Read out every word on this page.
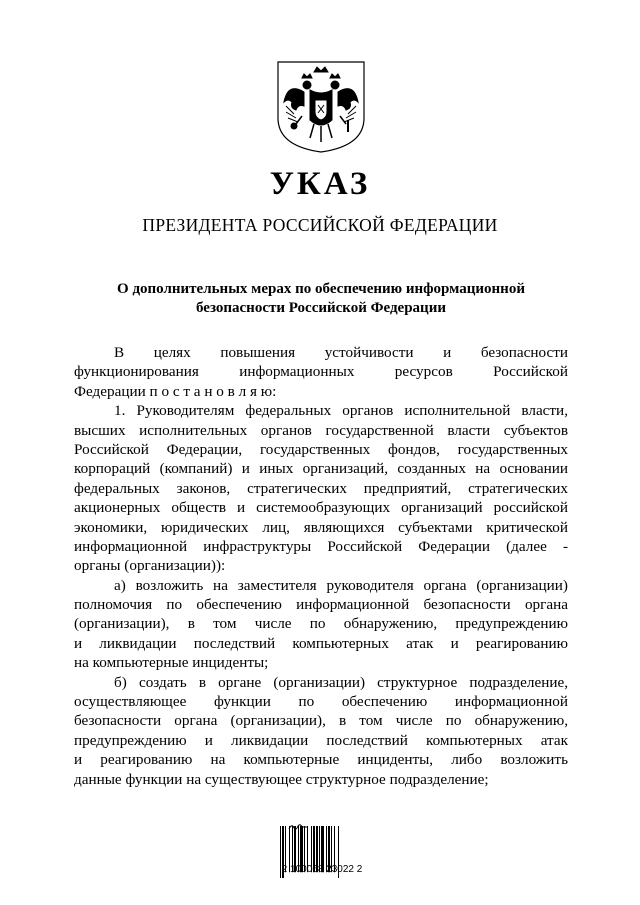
УКАЗ
ПРЕЗИДЕНТА РОССИЙСКОЙ ФЕДЕРАЦИИ
О дополнительных мерах по обеспечению информационной
безопасности Российской Федерации
В целях повышения устойчивости и безопасности
функционирования информационных ресурсов Российской
Федерации п о с т а н о в л я ю:
1. Руководителям федеральных органов исполнительной власти,
высших исполнительных органов государственной власти субъектов
Российской Федерации, государственных фондов, государственных
корпораций (компаний) и иных организаций, созданных на основании
федеральных законов, стратегических предприятий, стратегических
акционерных обществ и системообразующих организаций российской
экономики, юридических лиц, являющихся субъектами критической
информационной инфраструктуры Российской Федерации (далее -
органы (организации)):
а) возложить на заместителя руководителя органа (организации)
полномочия по обеспечению информационной безопасности органа
(организации), в том числе по обнаружению, предупреждению
и ликвидации последствий компьютерных атак и реагированию
на компьютерные инциденты;
б) создать в органе (организации) структурное подразделение,
осуществляющее функции по обеспечению информационной
безопасности органа (организации), в том числе по обнаружению,
предупреждению и ликвидации последствий компьютерных атак
и реагированию на компьютерные инциденты, либо возложить
данные функции на существующее структурное подразделение;
2 100068 23022 2
